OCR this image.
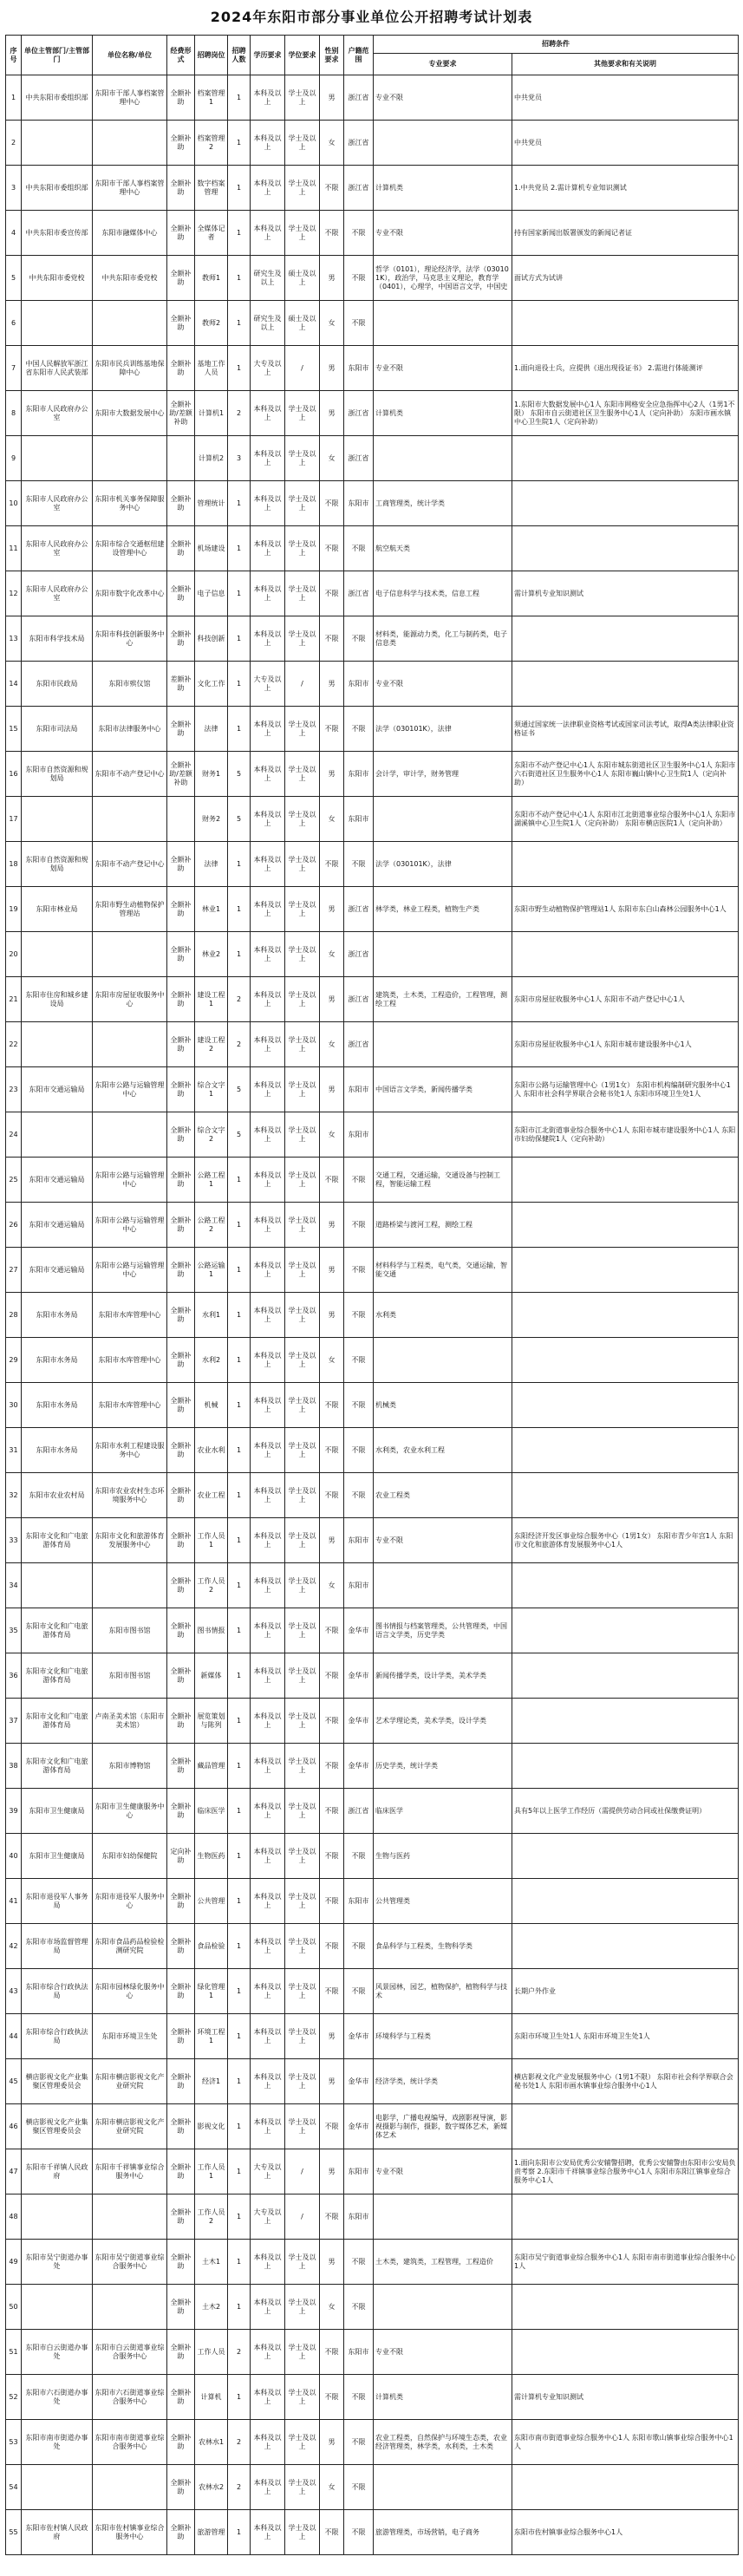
2024年东阳市部分事业单位公开招聘考试计划表
序号	单位主管部门/主管部门	单位名称/单位	经费形式	招聘岗位	招聘人数	学历要求	学位要求	性别要求	户籍范围	招聘条件	
										专业要求	其他要求和有关说明
1	中共东阳市委组织部	东阳市干部人事档案管理中心	全额补助	档案管理1	1	本科及以上	学士及以上	男	浙江省	专业不限	中共党员
2			全额补助	档案管理2	1	本科及以上	学士及以上	女	浙江省		中共党员
3	中共东阳市委组织部	东阳市干部人事档案管理中心	全额补助	数字档案管理	1	本科及以上	学士及以上	不限	浙江省	计算机类	1.中共党员 2.需计算机专业知识测试
4	中共东阳市委宣传部	东阳市融媒体中心	全额补助	全媒体记者	1	本科及以上	学士及以上	不限	不限	专业不限	持有国家新闻出版署颁发的新闻记者证
5	中共东阳市委党校	中共东阳市委党校	全额补助	教师1	1	研究生及以上	硕士及以上	男	不限	哲学（0101），理论经济学，法学（030101K），政治学，马克思主义理论，教育学（0401），心理学，中国语言文学，中国史	面试方式为试讲
6			全额补助	教师2	1	研究生及以上	硕士及以上	女	不限		
7	中国人民解放军浙江省东阳市人民武装部	东阳市民兵训练基地保障中心	全额补助	基地工作人员	1	大专及以上	/	男	东阳市	专业不限	1.面向退役士兵，应提供《退出现役证书》 2.需进行体能测评
8	东阳市人民政府办公室	东阳市大数据发展中心	全额补助/差额补助	计算机1	2	本科及以上	学士及以上	男	浙江省	计算机类	1.东阳市大数据发展中心1人 东阳市网格安全应急指挥中心2人（1男1不限） 东阳市自云街道社区卫生服务中心1人（定向补助） 东阳市画水镇中心卫生院1人（定向补助）
9				计算机2	3	本科及以上	学士及以上	女	浙江省		
10	东阳市人民政府办公室	东阳市机关事务保障服务中心	全额补助	管理统计	1	本科及以上	学士及以上	不限	东阳市	工商管理类，统计学类	
11	东阳市人民政府办公室	东阳市综合交通枢纽建设管理中心	全额补助	机场建设	1	本科及以上	学士及以上	不限	不限	航空航天类	
12	东阳市人民政府办公室	东阳市数字化改革中心	全额补助	电子信息	1	本科及以上	学士及以上	不限	浙江省	电子信息科学与技术类，信息工程	需计算机专业知识测试
13	东阳市科学技术局	东阳市科技创新服务中心	全额补助	科技创新	1	本科及以上	学士及以上	不限	不限	材料类，能源动力类，化工与制药类，电子信息类	
14	东阳市民政局	东阳市殡仪馆	差额补助	文化工作	1	大专及以上	/	男	东阳市	专业不限	
15	东阳市司法局	东阳市法律服务中心	全额补助	法律	1	本科及以上	学士及以上	不限	不限	法学（030101K），法律	须通过国家统一法律职业资格考试或国家司法考试，取得A类法律职业资格证书
16	东阳市自然资源和规划局	东阳市不动产登记中心	全额补助/差额补助	财务1	5	本科及以上	学士及以上	男	东阳市	会计学，审计学，财务管理	东阳市不动产登记中心1人 东阳市城东街道社区卫生服务中心1人 东阳市六石街道社区卫生服务中心1人 东阳市巍山镇中心卫生院1人（定向补助）
17				财务2	5	本科及以上	学士及以上	女	东阳市		东阳市不动产登记中心1人 东阳市江北街道事业综合服务中心1人 东阳市湖溪镇中心卫生院1人（定向补助） 东阳市横店医院1人（定向补助）
18	东阳市自然资源和规划局	东阳市不动产登记中心	全额补助	法律	1	本科及以上	学士及以上	不限	不限	法学（030101K），法律	
19	东阳市林业局	东阳市野生动植物保护管理站	全额补助	林业1	1	本科及以上	学士及以上	男	浙江省	林学类，林业工程类，植物生产类	东阳市野生动植物保护管理站1人 东阳市东白山森林公园服务中心1人
20			全额补助	林业2	1	本科及以上	学士及以上	女	浙江省		
21	东阳市住房和城乡建设局	东阳市房屋征收服务中心	全额补助	建设工程1	2	本科及以上	学士及以上	男	浙江省	建筑类，土木类，工程造价，工程管理，测绘工程	东阳市房屋征收服务中心1人 东阳市不动产登记中心1人
22			全额补助	建设工程2	2	本科及以上	学士及以上	女	浙江省		东阳市房屋征收服务中心1人 东阳市城市建设服务中心1人
23	东阳市交通运输局	东阳市公路与运输管理中心	全额补助	综合文字1	5	本科及以上	学士及以上	男	东阳市	中国语言文学类，新闻传播学类	东阳市公路与运输管理中心（1男1女） 东阳市机构编制研究服务中心1人 东阳市社会科学界联合会秘书处1人 东阳市环境卫生处1人
24			全额补助	综合文字2	5	本科及以上	学士及以上	女	东阳市		东阳市江北街道事业综合服务中心1人 东阳市城市建设服务中心1人 东阳市妇幼保健院1人（定向补助）
25	东阳市交通运输局	东阳市公路与运输管理中心	全额补助	公路工程1	1	本科及以上	学士及以上	不限	不限	交通工程，交通运输，交通设备与控制工程，智能运输工程	
26	东阳市交通运输局	东阳市公路与运输管理中心	全额补助	公路工程2	1	本科及以上	学士及以上	男	不限	道路桥梁与渡河工程，测绘工程	
27	东阳市交通运输局	东阳市公路与运输管理中心	全额补助	公路运输1	1	本科及以上	学士及以上	男	不限	材料科学与工程类，电气类，交通运输，智能交通	
28	东阳市水务局	东阳市水库管理中心	全额补助	水利1	1	本科及以上	学士及以上	男	不限	水利类	
29	东阳市水务局	东阳市水库管理中心	全额补助	水利2	1	本科及以上	学士及以上	女	不限		
30	东阳市水务局	东阳市水库管理中心	全额补助	机械	1	本科及以上	学士及以上	不限	不限	机械类	
31	东阳市水务局	东阳市水利工程建设服务中心	全额补助	农业水利	1	本科及以上	学士及以上	不限	不限	水利类，农业水利工程	
32	东阳市农业农村局	东阳市农业农村生态环境服务中心	全额补助	农业工程	1	本科及以上	学士及以上	不限	不限	农业工程类	
33	东阳市文化和广电旅游体育局	东阳市文化和旅游体育发展服务中心	全额补助	工作人员1	1	本科及以上	学士及以上	男	东阳市	专业不限	东阳经济开发区事业综合服务中心（1男1女） 东阳市青少年宫1人 东阳市文化和旅游体育发展服务中心1人
34			全额补助	工作人员2	1	本科及以上	学士及以上	女	东阳市		
35	东阳市文化和广电旅游体育局	东阳市图书馆	全额补助	图书情报	1	本科及以上	学士及以上	不限	金华市	图书情报与档案管理类，公共管理类，中国语言文学类，历史学类	
36	东阳市文化和广电旅游体育局	东阳市图书馆	全额补助	新媒体	1	本科及以上	学士及以上	不限	金华市	新闻传播学类，设计学类，美术学类	
37	东阳市文化和广电旅游体育局	卢南圣美术馆（东阳市美术馆）	全额补助	展览策划与陈列	1	本科及以上	学士及以上	不限	金华市	艺术学理论类，美术学类，设计学类	
38	东阳市文化和广电旅游体育局	东阳市博物馆	全额补助	藏品管理	1	本科及以上	学士及以上	不限	金华市	历史学类，统计学类	
39	东阳市卫生健康局	东阳市卫生健康服务中心	全额补助	临床医学	1	本科及以上	学士及以上	不限	浙江省	临床医学	具有5年以上医学工作经历（需提供劳动合同或社保缴费证明）
40	东阳市卫生健康局	东阳市妇幼保健院	定向补助	生物医药	1	本科及以上	学士及以上	不限	不限	生物与医药	
41	东阳市退役军人事务局	东阳市退役军人服务中心	全额补助	公共管理	1	本科及以上	学士及以上	不限	东阳市	公共管理类	
42	东阳市市场监督管理局	东阳市食品药品检验检测研究院	全额补助	食品检验	1	本科及以上	学士及以上	不限	不限	食品科学与工程类，生物科学类	
43	东阳市综合行政执法局	东阳市园林绿化服务中心	全额补助	绿化管理1	1	本科及以上	学士及以上	不限	不限	风景园林，园艺，植物保护，植物科学与技术	长期户外作业
44	东阳市综合行政执法局	东阳市环境卫生处	全额补助	环境工程1	1	本科及以上	学士及以上	男	金华市	环境科学与工程类	东阳市环境卫生处1人 东阳市环境卫生处1人
45	横店影视文化产业集聚区管理委员会	东阳市横店影视文化产业研究院	全额补助	经济1	1	本科及以上	学士及以上	男	金华市	经济学类，统计学类	横店影视文化产业发展服务中心（1男1不限） 东阳市社会科学界联合会秘书处1人 东阳市画水镇事业综合服务中心1人
46	横店影视文化产业集聚区管理委员会	东阳市横店影视文化产业研究院	全额补助	影视文化	1	本科及以上	学士及以上	不限	金华市	电影学，广播电视编导，戏剧影视导演，影视摄影与制作，摄影，数字媒体艺术，新媒体艺术	
47	东阳市千祥镇人民政府	东阳市千祥镇事业综合服务中心	全额补助	工作人员1	1	大专及以上	/	男	东阳市	专业不限	1.面向东阳市公安局优秀公安辅警招聘，优秀公安辅警由东阳市公安局负责考察 2.东阳市千祥镇事业综合服务中心1人 东阳市东阳江镇事业综合服务中心1人
48			全额补助	工作人员2	1	大专及以上	/	不限	东阳市		
49	东阳市吴宁街道办事处	东阳市吴宁街道事业综合服务中心	全额补助	土木1	1	本科及以上	学士及以上	男	不限	土木类，建筑类，工程管理，工程造价	东阳市吴宁街道事业综合服务中心1人 东阳市南市街道事业综合服务中心1人
50			全额补助	土木2	1	本科及以上	学士及以上	女	不限		
51	东阳市白云街道办事处	东阳市白云街道事业综合服务中心	全额补助	工作人员	2	本科及以上	学士及以上	不限	东阳市	专业不限	
52	东阳市六石街道办事处	东阳市六石街道事业综合服务中心	全额补助	计算机	1	本科及以上	学士及以上	不限	不限	计算机类	需计算机专业知识测试
53	东阳市南市街道办事处	东阳市南市街道事业综合服务中心	全额补助	农林水1	2	本科及以上	学士及以上	男	不限	农业工程类，自然保护与环境生态类，农业经济管理类，林学类，水利类，土木类	东阳市南市街道事业综合服务中心1人 东阳市歌山镇事业综合服务中心1人
54			全额补助	农林水2	2	本科及以上	学士及以上	女	不限		
55	东阳市佐村镇人民政府	东阳市佐村镇事业综合服务中心	全额补助	旅游管理	1	本科及以上	学士及以上	不限	不限	旅游管理类，市场营销，电子商务	东阳市佐村镇事业综合服务中心1人
